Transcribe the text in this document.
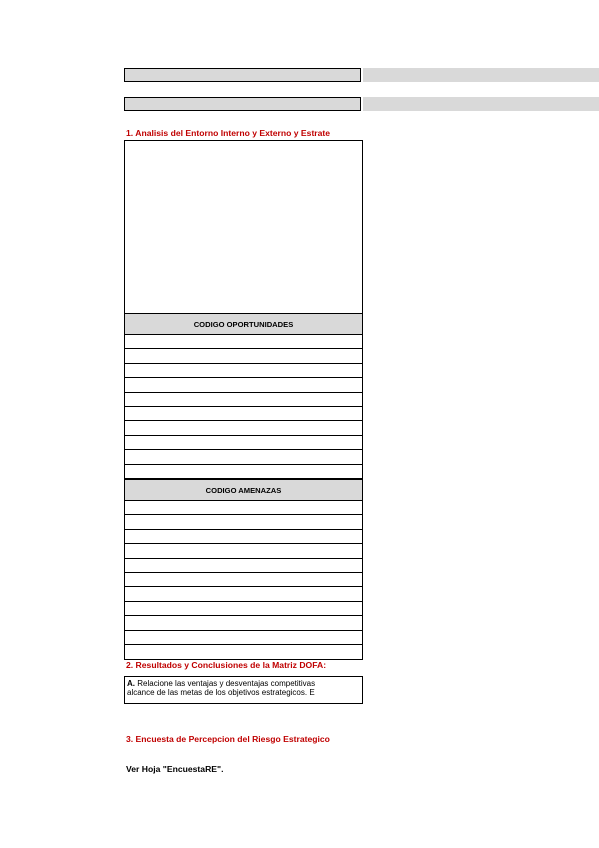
1. Analisis del Entorno Interno y Externo y Estrate
CODIGO OPORTUNIDADES
CODIGO AMENAZAS
2. Resultados y Conclusiones de la Matriz DOFA:
A. Relacione las ventajas y desventajas competitivas
alcance de las metas de los objetivos estrategicos. E
3. Encuesta de Percepcion del Riesgo Estrategico
Ver Hoja "EncuestaRE".
